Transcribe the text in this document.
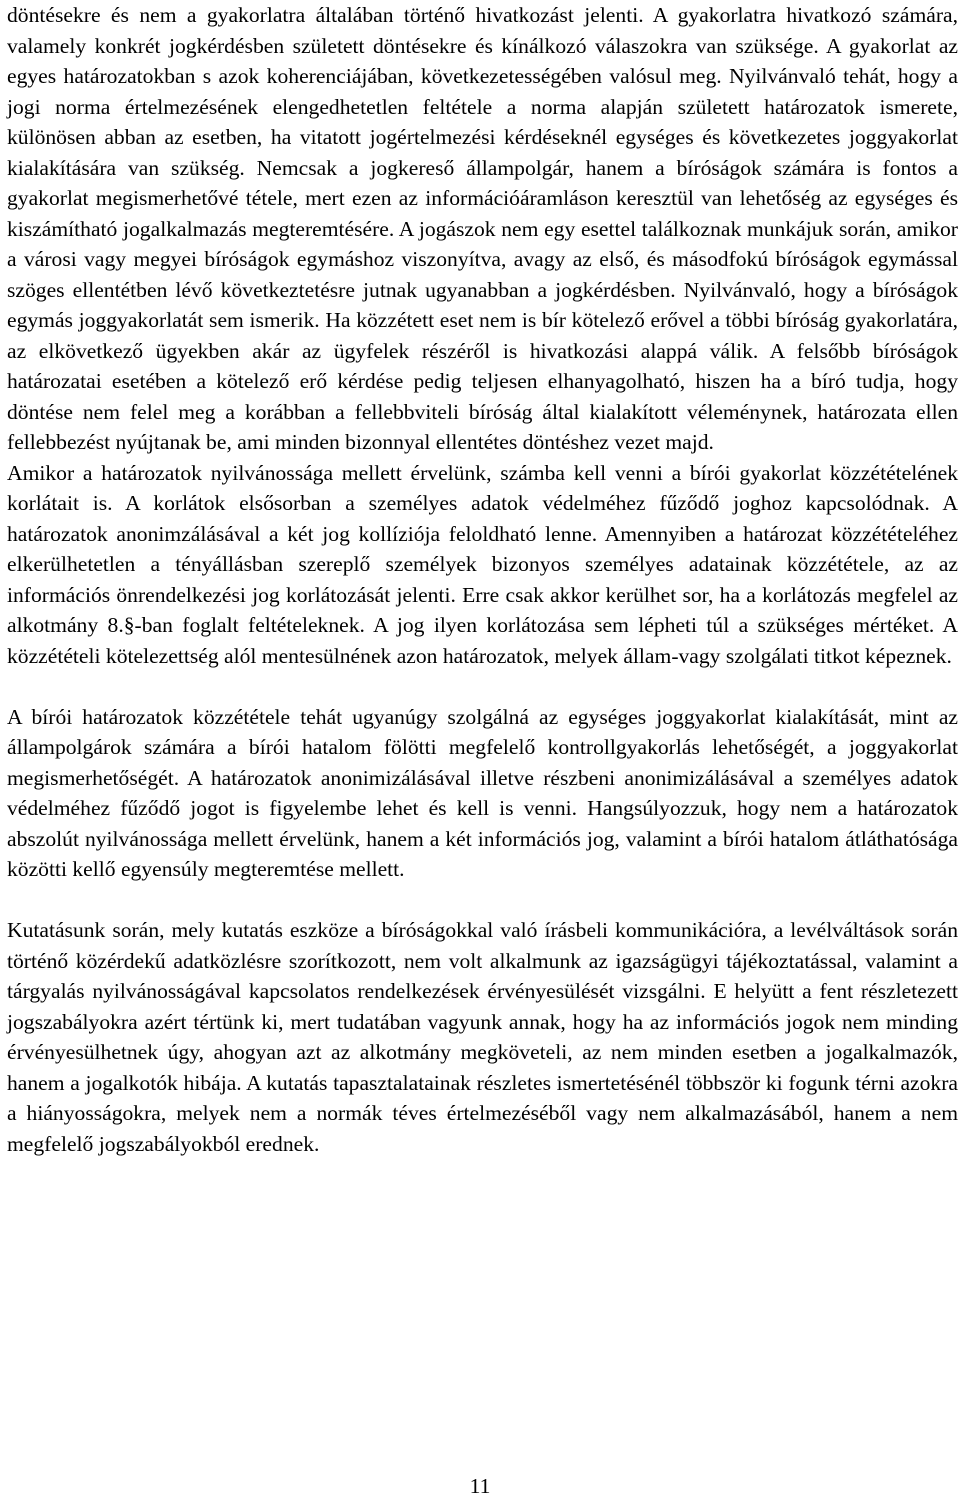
döntésekre és nem a gyakorlatra általában történő hivatkozást jelenti. A gyakorlatra hivatkozó számára, valamely konkrét jogkérdésben született döntésekre és kínálkozó válaszokra van szüksége. A gyakorlat az egyes határozatokban s azok koherenciájában, következetességében valósul meg. Nyilvánvaló tehát, hogy a jogi norma értelmezésének elengedhetetlen feltétele a norma alapján született határozatok ismerete, különösen abban az esetben, ha vitatott jogértelmezési kérdéseknél egységes és következetes joggyakorlat kialakítására van szükség. Nemcsak a jogkereső állampolgár, hanem a bíróságok számára is fontos a gyakorlat megismerhetővé tétele, mert ezen az információáramláson keresztül van lehetőség az egységes és kiszámítható jogalkalmazás megteremtésére. A jogászok nem egy esettel találkoznak munkájuk során, amikor a városi vagy megyei bíróságok egymáshoz viszonyítva, avagy az első, és másodfokú bíróságok egymással szöges ellentétben lévő következtetésre jutnak ugyanabban a jogkérdésben. Nyilvánvaló, hogy a bíróságok egymás joggyakorlatát sem ismerik. Ha közzétett eset nem is bír kötelező erővel a többi bíróság gyakorlatára, az elkövetkező ügyekben akár az ügyfelek részéről is hivatkozási alappá válik. A felsőbb bíróságok határozatai esetében a kötelező erő kérdése pedig teljesen elhanyagolható, hiszen ha a bíró tudja, hogy döntése nem felel meg a korábban a fellebbviteli bíróság által kialakított véleménynek, határozata ellen fellebbezést nyújtanak be, ami minden bizonnyal ellentétes döntéshez vezet majd.

Amikor a határozatok nyilvánossága mellett érvelünk, számba kell venni a bírói gyakorlat közzétételének korlátait is. A korlátok elsősorban a személyes adatok védelméhez fűződő joghoz kapcsolódnak. A határozatok anonimzálásával a két jog kollíziója feloldható lenne. Amennyiben a határozat közzétételéhez elkerülhetetlen a tényállásban szereplő személyek bizonyos személyes adatainak közzététele, az az információs önrendelkezési jog korlátozását jelenti. Erre csak akkor kerülhet sor, ha a korlátozás megfelel az alkotmány 8.§-ban foglalt feltételeknek. A jog ilyen korlátozása sem lépheti túl a szükséges mértéket. A közzétételi kötelezettség alól mentesülnének azon határozatok, melyek állam-vagy szolgálati titkot képeznek.

A bírói határozatok közzététele tehát ugyanúgy szolgálná az egységes joggyakorlat kialakítását, mint az állampolgárok számára a bírói hatalom fölötti megfelelő kontrollgyakorlás lehetőségét, a joggyakorlat megismerhetőségét. A határozatok anonimizálásával illetve részbeni anonimizálásával a személyes adatok védelméhez fűződő jogot is figyelembe lehet és kell is venni. Hangsúlyozzuk, hogy nem a határozatok abszolút nyilvánossága mellett érvelünk, hanem a két információs jog, valamint a bírói hatalom átláthatósága közötti kellő egyensúly megteremtése mellett.

Kutatásunk során, mely kutatás eszköze a bíróságokkal való írásbeli kommunikációra, a levélváltások során történő közérdekű adatközlésre szorítkozott, nem volt alkalmunk az igazságügyi tájékoztatással, valamint a tárgyalás nyilvánosságával kapcsolatos rendelkezések érvényesülését vizsgálni. E helyütt a fent részletezett jogszabályokra azért tértünk ki, mert tudatában vagyunk annak, hogy ha az információs jogok nem minding érvényesülhetnek úgy, ahogyan azt az alkotmány megköveteli, az nem minden esetben a jogalkalmazók, hanem a jogalkotók hibája. A kutatás tapasztalatainak részletes ismertetésénél többször ki fogunk térni azokra a hiányosságokra, melyek nem a normák téves értelmezéséből vagy nem alkalmazásából, hanem a nem megfelelő jogszabályokból erednek.

11
